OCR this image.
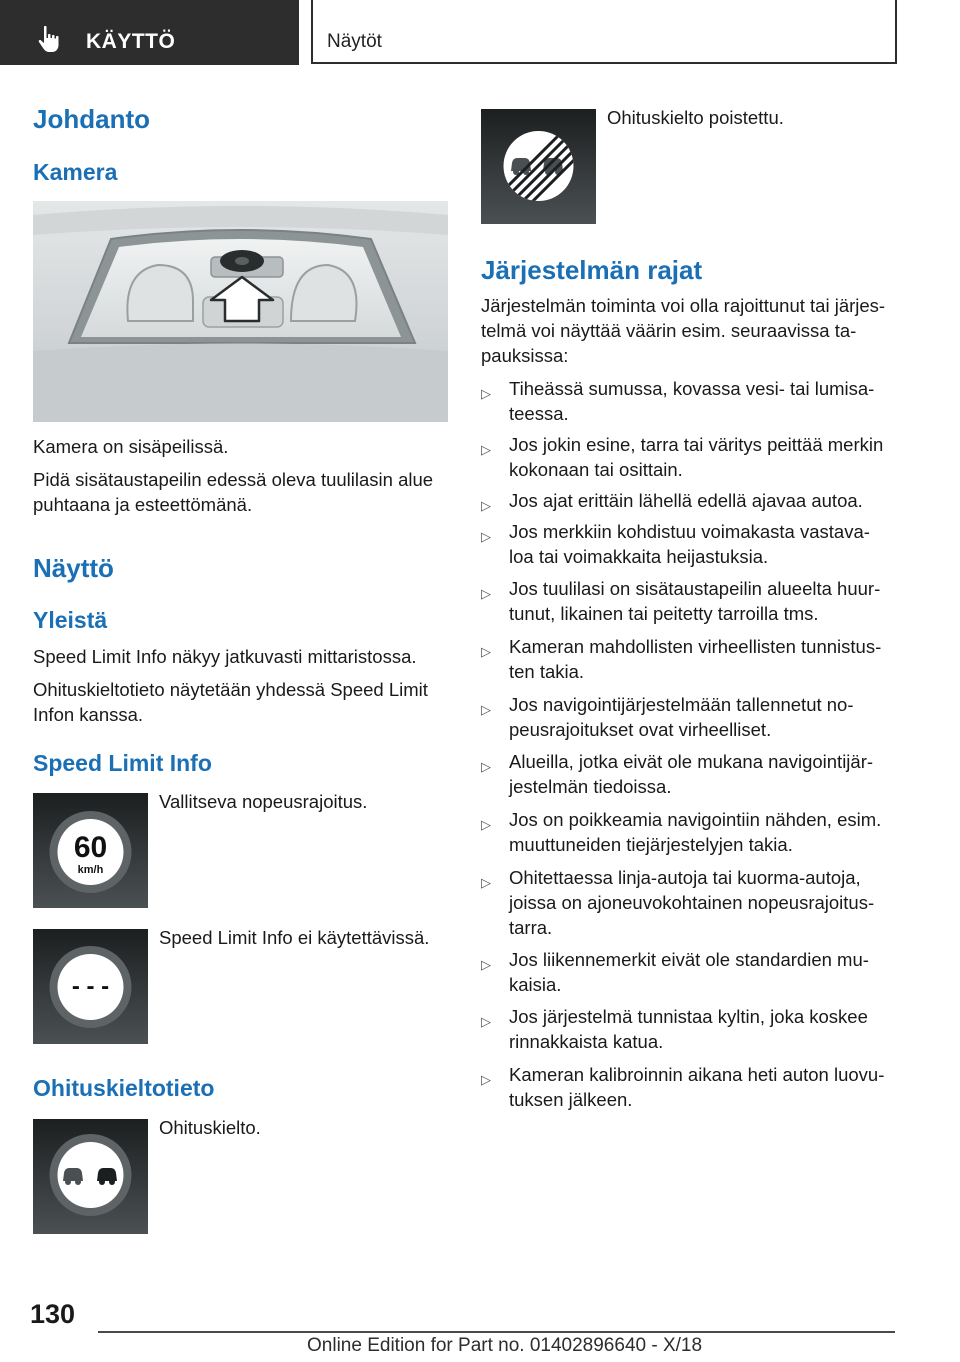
KÄYTTÖ	Näytöt
Johdanto
Kamera
Kamera on sisäpeilissä.
Pidä sisätaustapeilin edessä oleva tuulilasin alue
puhtaana ja esteettömänä.
Näyttö
Yleistä
Speed Limit Info näkyy jatkuvasti mittaristossa.
Ohituskieltotieto näytetään yhdessä Speed Limit
Infon kanssa.
Speed Limit Info
60
km/h
Vallitseva nopeusrajoitus.
- - -
Speed Limit Info ei käytettävissä.
Ohituskieltotieto
Ohituskielto.
Ohituskielto poistettu.
Järjestelmän rajat
Järjestelmän toiminta voi olla rajoittunut tai järjes-
telmä voi näyttää väärin esim. seuraavissa ta-
pauksissa:
▷ Tiheässä sumussa, kovassa vesi- tai lumisa-
teessa.
▷ Jos jokin esine, tarra tai väritys peittää merkin
kokonaan tai osittain.
▷ Jos ajat erittäin lähellä edellä ajavaa autoa.
▷ Jos merkkiin kohdistuu voimakasta vastava-
loa tai voimakkaita heijastuksia.
▷ Jos tuulilasi on sisätaustapeilin alueelta huur-
tunut, likainen tai peitetty tarroilla tms.
▷ Kameran mahdollisten virheellisten tunnistus-
ten takia.
▷ Jos navigointijärjestelmään tallennetut no-
peusrajoitukset ovat virheelliset.
▷ Alueilla, jotka eivät ole mukana navigointijär-
jestelmän tiedoissa.
▷ Jos on poikkeamia navigointiin nähden, esim.
muuttuneiden tiejärjestelyjen takia.
▷ Ohitettaessa linja-autoja tai kuorma-autoja,
joissa on ajoneuvokohtainen nopeusrajoitus-
tarra.
▷ Jos liikennemerkit eivät ole standardien mu-
kaisia.
▷ Jos järjestelmä tunnistaa kyltin, joka koskee
rinnakkaista katua.
▷ Kameran kalibroinnin aikana heti auton luovu-
tuksen jälkeen.
130
Online Edition for Part no. 01402896640 - X/18
